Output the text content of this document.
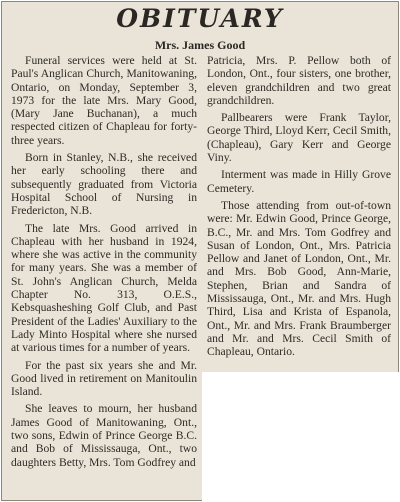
OBITUARY
Mrs. James Good

Funeral services were held at St. Paul's Anglican Church, Manitowaning, Ontario, on Monday, September 3, 1973 for the late Mrs. Mary Good, (Mary Jane Buchanan), a much respected citizen of Chapleau for forty-three years.

Born in Stanley, N.B., she received her early schooling there and subsequently graduated from Victoria Hospital School of Nursing in Fredericton, N.B.

The late Mrs. Good arrived in Chapleau with her husband in 1924, where she was active in the community for many years. She was a member of St. John's Anglican Church, Melda Chapter No. 313, O.E.S., Kebsquasheshing Golf Club, and Past President of the Ladies' Auxiliary to the Lady Minto Hospital where she nursed at various times for a number of years.

For the past six years she and Mr. Good lived in retirement on Manitoulin Island.

She leaves to mourn, her husband James Good of Manitowaning, Ont., two sons, Edwin of Prince George B.C. and Bob of Mississauga, Ont., two daughters Betty, Mrs. Tom Godfrey and

Patricia, Mrs. P. Pellow both of London, Ont., four sisters, one brother, eleven grandchildren and two great grandchildren.

Pallbearers were Frank Taylor, George Third, Lloyd Kerr, Cecil Smith, (Chapleau), Gary Kerr and George Viny.

Interment was made in Hilly Grove Cemetery.

Those attending from out-of-town were: Mr. Edwin Good, Prince George, B.C., Mr. and Mrs. Tom Godfrey and Susan of London, Ont., Mrs. Patricia Pellow and Janet of London, Ont., Mr. and Mrs. Bob Good, Ann-Marie, Stephen, Brian and Sandra of Mississauga, Ont., Mr. and Mrs. Hugh Third, Lisa and Krista of Espanola, Ont., Mr. and Mrs. Frank Braumberger and Mr. and Mrs. Cecil Smith of Chapleau, Ontario.
